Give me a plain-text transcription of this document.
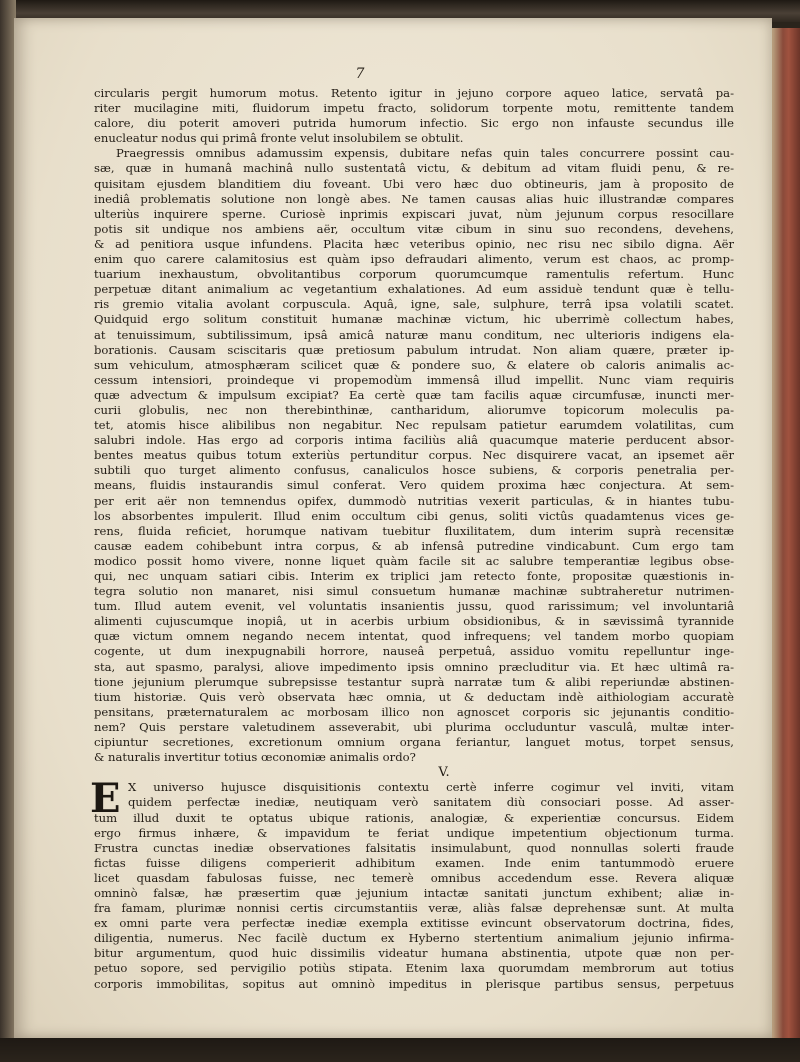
7
circularis pergit humorum motus. Retento igitur in jejuno corpore aqueo latice, servatâ pa-
riter mucilagine miti, fluidorum impetu fracto, solidorum torpente motu, remittente tandem
calore, diu poterit amoveri putrida humorum infectio. Sic ergo non infauste secundus ille
enucleatur nodus qui primâ fronte velut insolubilem se obtulit.
Praegressis omnibus adamussim expensis, dubitare nefas quin tales concurrere possint cau-
sæ, quæ in humanâ machinâ nullo sustentatâ victu, & debitum ad vitam fluidi penu, & re-
quisitam ejusdem blanditiem diu foveant. Ubi vero hæc duo obtineuris, jam à proposito de
inediâ problematis solutione non longè abes. Ne tamen causas alias huic illustrandæ compares
ulteriùs inquirere sperne. Curiosè inprimis expiscari juvat, nùm jejunum corpus resocillare
potis sit undique nos ambiens aër, occultum vitæ cibum in sinu suo recondens, devehens,
& ad penitiora usque infundens. Placita hæc veteribus opinio, nec risu nec sibilo digna. Aër
enim quo carere calamitosius est quàm ipso defraudari alimento, verum est chaos, ac promp-
tuarium inexhaustum, obvolitantibus corporum quorumcumque ramentulis refertum. Hunc
perpetuæ ditant animalium ac vegetantium exhalationes. Ad eum assiduè tendunt quæ è tellu-
ris gremio vitalia avolant corpuscula. Aquâ, igne, sale, sulphure, terrâ ipsa volatili scatet.
Quidquid ergo solitum constituit humanæ machinæ victum, hic uberrimè collectum habes,
at tenuissimum, subtilissimum, ipsâ amicâ naturæ manu conditum, nec ulterioris indigens ela-
borationis. Causam sciscitaris quæ pretiosum pabulum intrudat. Non aliam quære, præter ip-
sum vehiculum, atmosphæram scilicet quæ & pondere suo, & elatere ob caloris animalis ac-
cessum intensiori, proindeque vi propemodùm immensâ illud impellit. Nunc viam requiris
quæ advectum & impulsum excipiat? Ea certè quæ tam facilis aquæ circumfusæ, inuncti mer-
curii globulis, nec non therebinthinæ, cantharidum, aliorumve topicorum moleculis pa-
tet, atomis hisce alibilibus non negabitur. Nec repulsam patietur earumdem volatilitas, cum
salubri indole. Has ergo ad corporis intima faciliùs aliâ quacumque materie perducent absor-
bentes meatus quibus totum exteriùs pertunditur corpus. Nec disquirere vacat, an ipsemet aër
subtili quo turget alimento confusus, canaliculos hosce subiens, & corporis penetralia per-
means, fluidis instaurandis simul conferat. Vero quidem proxima hæc conjectura. At sem-
per erit aër non temnendus opifex, dummodò nutritias vexerit particulas, & in hiantes tubu-
los absorbentes impulerit. Illud enim occultum cibi genus, soliti victûs quadamtenus vices ge-
rens, fluida reficiet, horumque nativam tuebitur fluxilitatem, dum interim suprà recensitæ
causæ eadem cohibebunt intra corpus, & ab infensâ putredine vindicabunt. Cum ergo tam
modico possit homo vivere, nonne liquet quàm facile sit ac salubre temperantiæ legibus obse-
qui, nec unquam satiari cibis. Interim ex triplici jam retecto fonte, propositæ quæstionis in-
tegra solutio non manaret, nisi simul consuetum humanæ machinæ subtraheretur nutrimen-
tum. Illud autem evenit, vel voluntatis insanientis jussu, quod rarissimum; vel involuntariâ
alimenti cujuscumque inopiâ, ut in acerbis urbium obsidionibus, & in sævissimâ tyrannide
quæ victum omnem negando necem intentat, quod infrequens; vel tandem morbo quopiam
cogente, ut dum inexpugnabili horrore, nauseâ perpetuâ, assiduo vomitu repelluntur inge-
sta, aut spasmo, paralysi, aliove impedimento ipsis omnino præcluditur via. Et hæc ultimâ ra-
tione jejunium plerumque subrepsisse testantur suprà narratæ tum & alibi reperiundæ abstinen-
tium historiæ. Quis verò observata hæc omnia, ut & deductam indè aithiologiam accuratè
pensitans, præternaturalem ac morbosam illico non agnoscet corporis sic jejunantis conditio-
nem? Quis perstare valetudinem asseverabit, ubi plurima occluduntur vasculâ, multæ inter-
cipiuntur secretiones, excretionum omnium organa feriantur, languet motus, torpet sensus,
& naturalis invertitur totius œconomiæ animalis ordo?
V.
E X universo hujusce disquisitionis contextu certè inferre cogimur vel inviti, vitam
quidem perfectæ inediæ, neutiquam verò sanitatem diù consociari posse. Ad asser-
tum illud duxit te optatus ubique rationis, analogiæ, & experientiæ concursus. Eidem
ergo firmus inhære, & impavidum te feriat undique impetentium objectionum turma.
Frustra cunctas inediæ observationes falsitatis insimulabunt, quod nonnullas solerti fraude
fictas fuisse diligens comperierit adhibitum examen. Inde enim tantummodò eruere
licet quasdam fabulosas fuisse, nec temerè omnibus accedendum esse. Revera aliquæ
omninò falsæ, hæ præsertim quæ jejunium intactæ sanitati junctum exhibent; aliæ in-
fra famam, plurimæ nonnisi certis circumstantiis veræ, aliàs falsæ deprehensæ sunt. At multa
ex omni parte vera perfectæ inediæ exempla extitisse evincunt observatorum doctrina, fides,
diligentia, numerus. Nec facilè ductum ex Hyberno stertentium animalium jejunio infirma-
bitur argumentum, quod huic dissimilis videatur humana abstinentia, utpote quæ non per-
petuo sopore, sed pervigilio potiùs stipata. Etenim laxa quorumdam membrorum aut totius
corporis immobilitas, sopitus aut omninò impeditus in plerisque partibus sensus, perpetuus
